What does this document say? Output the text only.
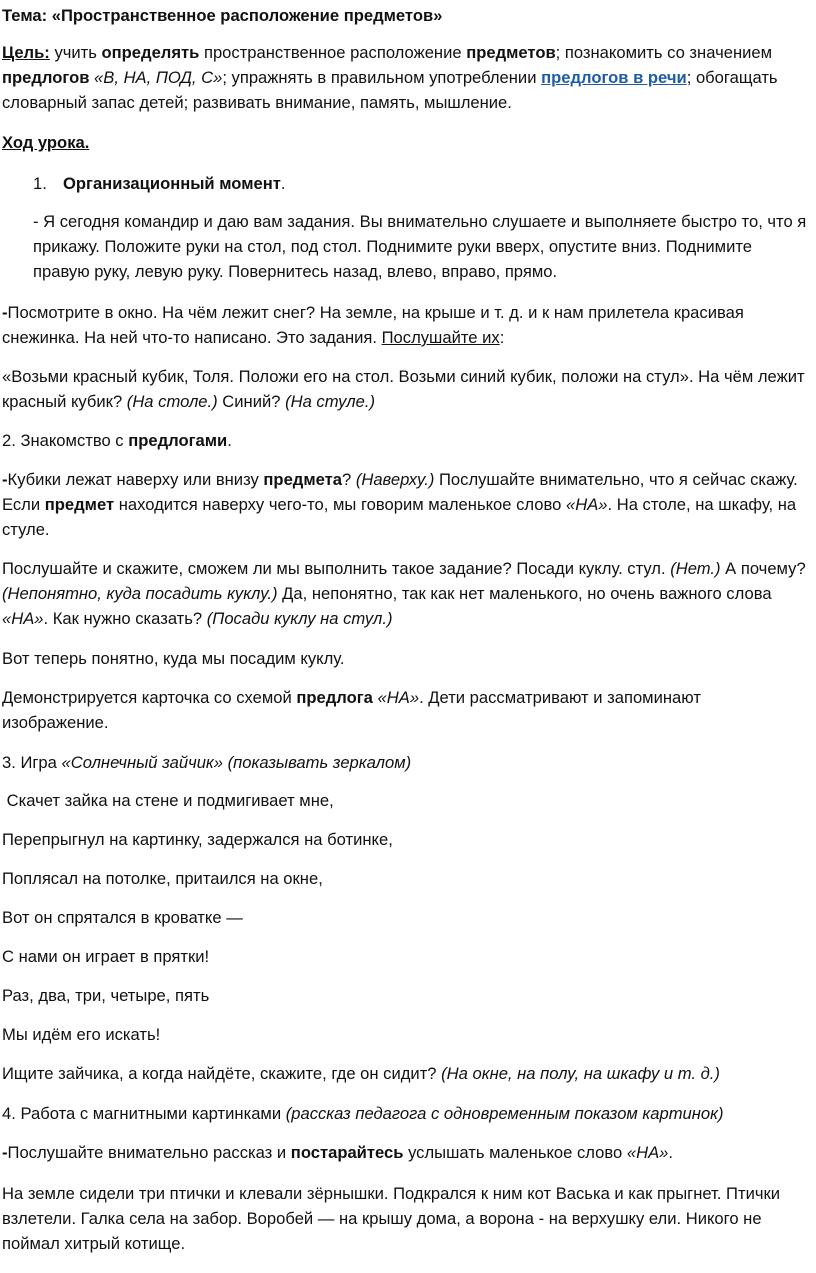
Тема: «Пространственное расположение предметов»

Цель: учить определять пространственное расположение предметов; познакомить со значением предлогов «В, НА, ПОД, С»; упражнять в правильном употреблении предлогов в речи; обогащать словарный запас детей; развивать внимание, память, мышление.

Ход урока.

1. Организационный момент.

- Я сегодня командир и даю вам задания. Вы внимательно слушаете и выполняете быстро то, что я прикажу. Положите руки на стол, под стол. Поднимите руки вверх, опустите вниз. Поднимите правую руку, левую руку. Повернитесь назад, влево, вправо, прямо.

-Посмотрите в окно. На чём лежит снег? На земле, на крыше и т. д. и к нам прилетела красивая снежинка. На ней что-то написано. Это задания. Послушайте их:

«Возьми красный кубик, Толя. Положи его на стол. Возьми синий кубик, положи на стул». На чём лежит красный кубик? (На столе.) Синий? (На стуле.)

2. Знакомство с предлогами.

-Кубики лежат наверху или внизу предмета? (Наверху.) Послушайте внимательно, что я сейчас скажу. Если предмет находится наверху чего-то, мы говорим маленькое слово «НА». На столе, на шкафу, на стуле.

Послушайте и скажите, сможем ли мы выполнить такое задание? Посади куклу. стул. (Нет.) А почему? (Непонятно, куда посадить куклу.) Да, непонятно, так как нет маленького, но очень важного слова «НА». Как нужно сказать? (Посади куклу на стул.)

Вот теперь понятно, куда мы посадим куклу.

Демонстрируется карточка со схемой предлога «НА». Дети рассматривают и запоминают изображение.

3. Игра «Солнечный зайчик» (показывать зеркалом)

Скачет зайка на стене и подмигивает мне,

Перепрыгнул на картинку, задержался на ботинке,

Поплясал на потолке, притаился на окне,

Вот он спрятался в кроватке —

С нами он играет в прятки!

Раз, два, три, четыре, пять

Мы идём его искать!

Ищите зайчика, а когда найдёте, скажите, где он сидит? (На окне, на полу, на шкафу и т. д.)

4. Работа с магнитными картинками (рассказ педагога с одновременным показом картинок)

-Послушайте внимательно рассказ и постарайтесь услышать маленькое слово «НА».

На земле сидели три птички и клевали зёрнышки. Подкрался к ним кот Васька и как прыгнет. Птички взлетели. Галка села на забор. Воробей — на крышу дома, а ворона - на верхушку ели. Никого не поймал хитрый котище.
